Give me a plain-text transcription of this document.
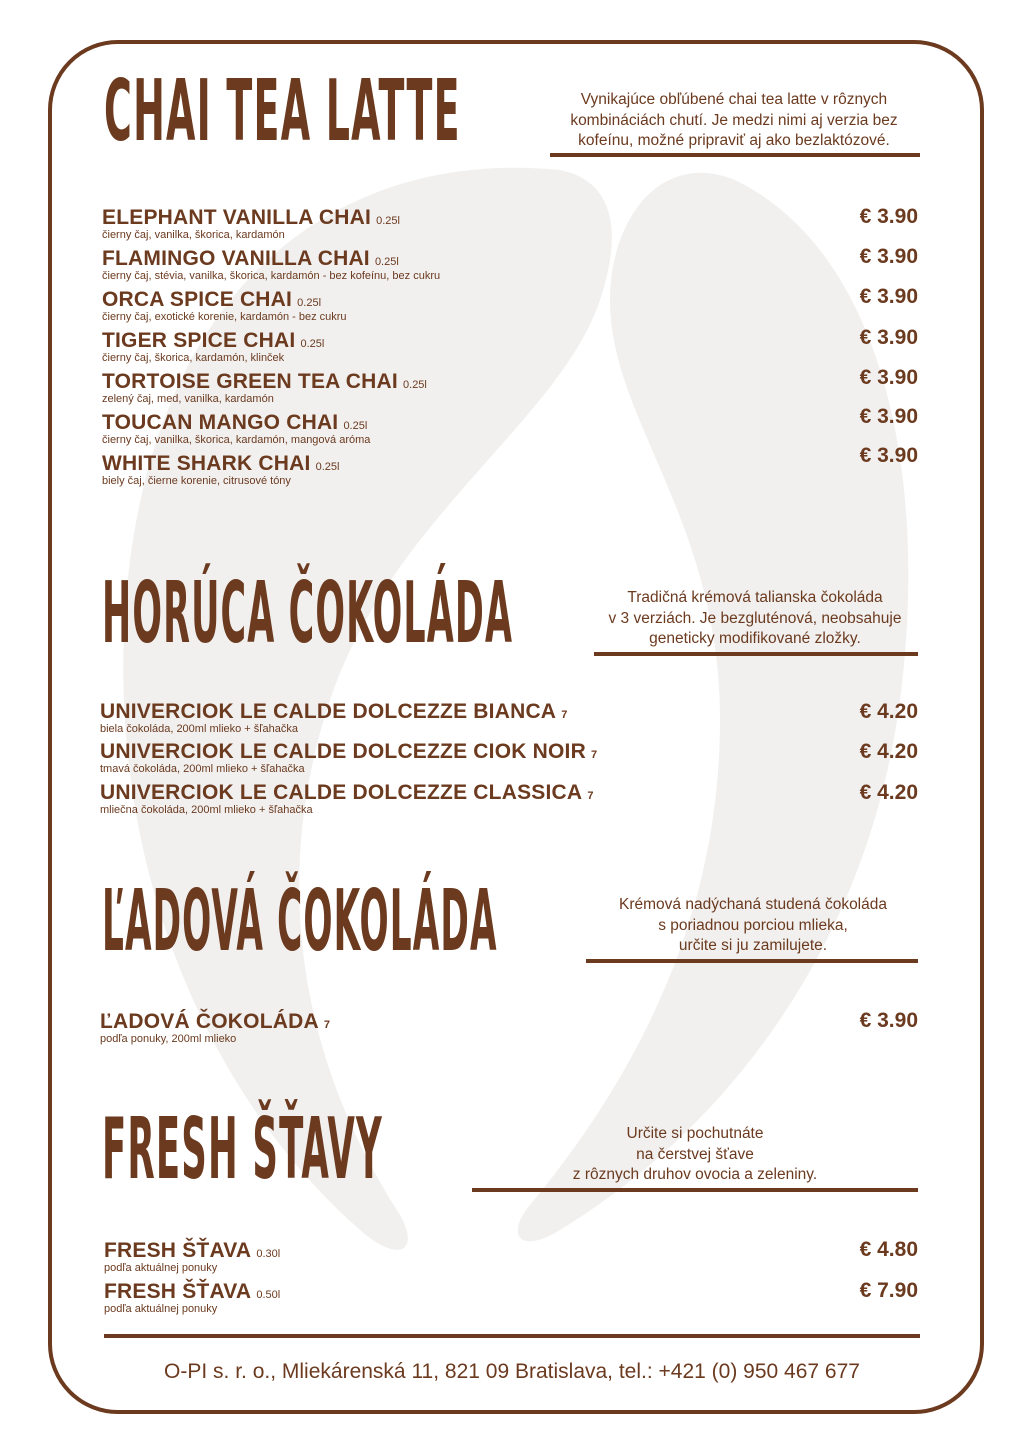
CHAI TEA LATTE	Vynikajúce obľúbené chai tea latte v rôznych
kombináciách chutí. Je medzi nimi aj verzia bez
kofeínu, možné pripraviť aj ako bezlaktózové.
ELEPHANT VANILLA CHAI 0.25l
čierny čaj, vanilka, škorica, kardamón
€ 3.90
FLAMINGO VANILLA CHAI 0.25l
čierny čaj, stévia, vanilka, škorica, kardamón - bez kofeínu, bez cukru
€ 3.90
ORCA SPICE CHAI 0.25l
čierny čaj, exotické korenie, kardamón - bez cukru
€ 3.90
TIGER SPICE CHAI 0.25l
čierny čaj, škorica, kardamón, klinček
€ 3.90
TORTOISE GREEN TEA CHAI 0.25l
zelený čaj, med, vanilka, kardamón
€ 3.90
TOUCAN MANGO CHAI 0.25l
čierny čaj, vanilka, škorica, kardamón, mangová aróma
€ 3.90
WHITE SHARK CHAI 0.25l
biely čaj, čierne korenie, citrusové tóny
€ 3.90
HORÚCA ČOKOLÁDA	Tradičná krémová talianska čokoláda
v 3 verziách. Je bezgluténová, neobsahuje
geneticky modifikované zložky.
UNIVERCIOK LE CALDE DOLCEZZE BIANCA 7
biela čokoláda, 200ml mlieko + šľahačka
€ 4.20
UNIVERCIOK LE CALDE DOLCEZZE CIOK NOIR 7
tmavá čokoláda, 200ml mlieko + šľahačka
€ 4.20
UNIVERCIOK LE CALDE DOLCEZZE CLASSICA 7
mliečna čokoláda, 200ml mlieko + šľahačka
€ 4.20
ĽADOVÁ ČOKOLÁDA	Krémová nadýchaná studená čokoláda
s poriadnou porciou mlieka,
určite si ju zamilujete.
ĽADOVÁ ČOKOLÁDA 7
podľa ponuky, 200ml mlieko
€ 3.90
FRESH ŠŤAVY	Určite si pochutnáte
na čerstvej šťave
z rôznych druhov ovocia a zeleniny.
FRESH ŠŤAVA 0.30l
podľa aktuálnej ponuky
€ 4.80
FRESH ŠŤAVA 0.50l
podľa aktuálnej ponuky
€ 7.90
O-PI s. r. o., Mliekárenská 11, 821 09 Bratislava, tel.: +421 (0) 950 467 677
